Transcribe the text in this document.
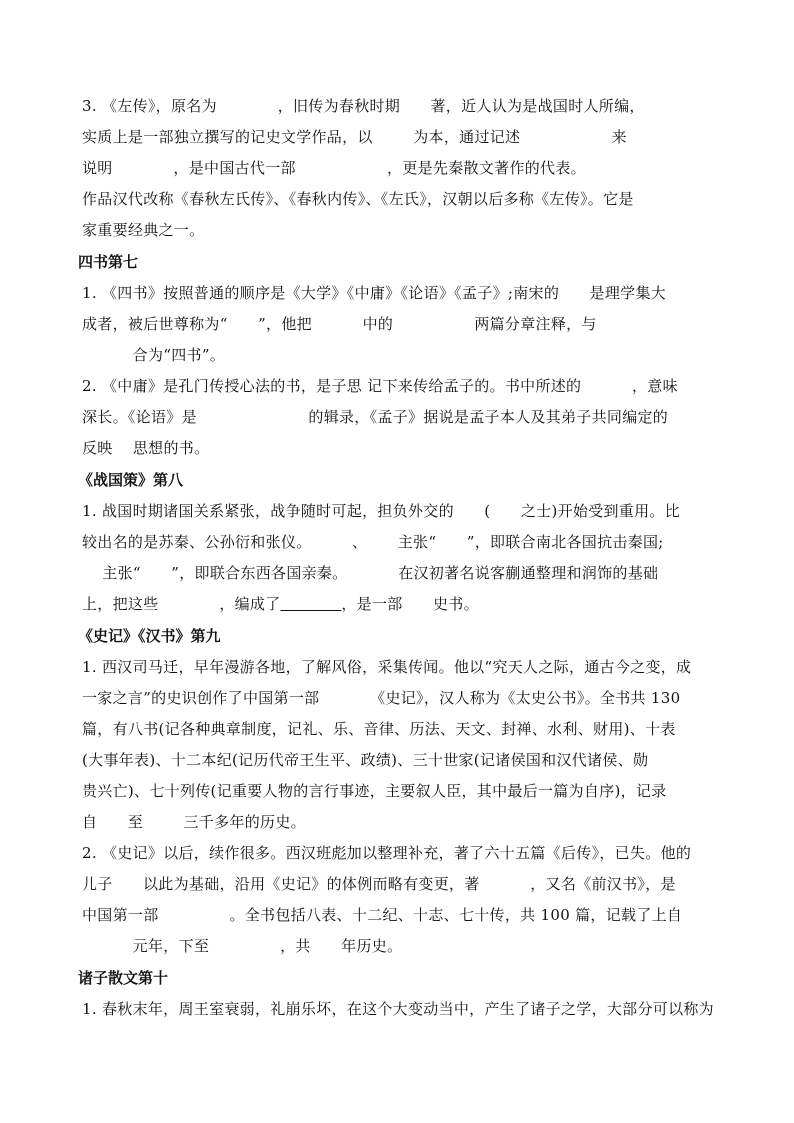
3. 《左传》，原名为            ，旧传为春秋时期      著，近人认为是战国时人所编，
实质上是一部独立撰写的记史文学作品，以        为本，通过记述                  来
说明            ，是中国古代一部                  ，更是先秦散文著作的代表。
作品汉代改称《春秋左氏传》、《春秋内传》、《左氏》，汉朝以后多称《左传》。它是
家重要经典之一。
四书第七
1. 《四书》按照普通的顺序是《大学》《中庸》《论语》《孟子》;南宋的      是理学集大
成者，被后世尊称为“      ”，他把          中的                两篇分章注释，与
合为“四书”。
2. 《中庸》是孔门传授心法的书，是子思 记下来传给孟子的。书中所述的          ，意味
深长。《论语》是                      的辑录，《孟子》据说是孟子本人及其弟子共同编定的
反映    思想的书。
《战国策》第八
1. 战国时期诸国关系紧张，战争随时可起，担负外交的      (      之士)开始受到重用。比
较出名的是苏秦、公孙衍和张仪。        、      主张“      ”，即联合南北各国抗击秦国;
主张“      ”，即联合东西各国亲秦。          在汉初著名说客蒯通整理和润饰的基础
上，把这些            ，编成了	，是一部      史书。
《史记》《汉书》第九
1. 西汉司马迁，早年漫游各地，了解风俗，采集传闻。他以“究天人之际，通古今之变，成
一家之言”的史识创作了中国第一部          《史记》，汉人称为《太史公书》。全书共 130
篇，有八书(记各种典章制度，记礼、乐、音律、历法、天文、封禅、水利、财用)、十表
(大事年表)、十二本纪(记历代帝王生平、政绩)、三十世家(记诸侯国和汉代诸侯、勋
贵兴亡)、七十列传(记重要人物的言行事迹，主要叙人臣，其中最后一篇为自序)，记录
自      至        三千多年的历史。
2. 《史记》以后，续作很多。西汉班彪加以整理补充，著了六十五篇《后传》，已失。他的
儿子      以此为基础，沿用《史记》的体例而略有变更，著          ，又名《前汉书》，是
中国第一部              。全书包括八表、十二纪、十志、七十传，共 100 篇，记载了上自
元年，下至              ，共      年历史。
诸子散文第十
1. 春秋末年，周王室衰弱，礼崩乐坏，在这个大变动当中，产生了诸子之学，大部分可以称为
